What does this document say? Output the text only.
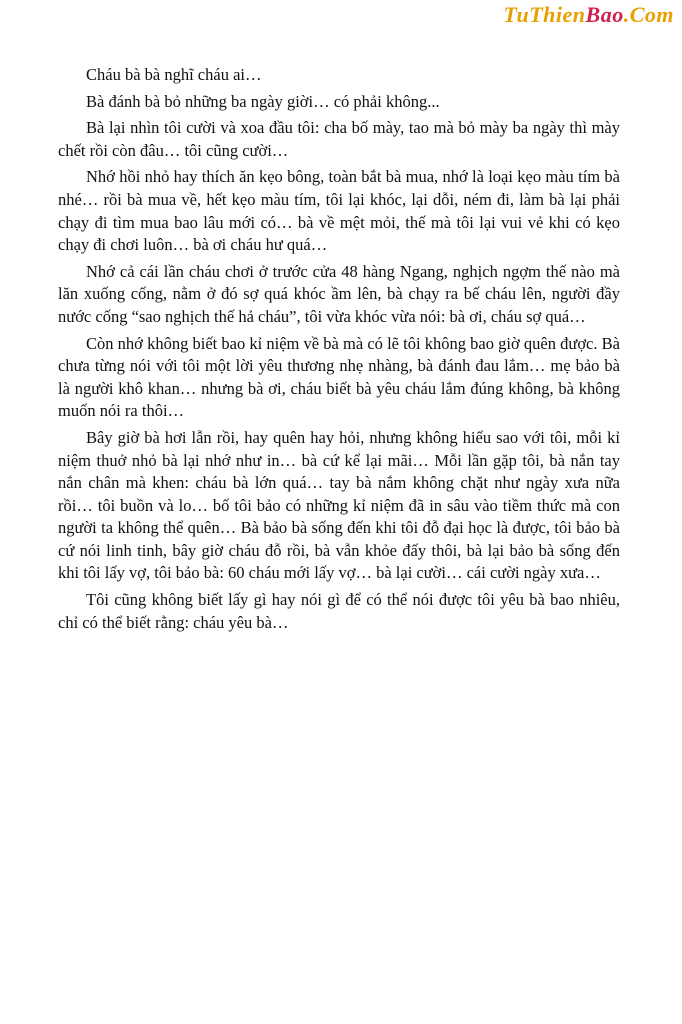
TuThienBao.Com

Cháu bà bà nghĩ cháu ai…

Bà đánh bà bỏ những ba ngày giời… có phải không...

Bà lại nhìn tôi cười và xoa đầu tôi: cha bố mày, tao mà bỏ mày ba ngày thì mày chết rồi còn đâu… tôi cũng cười…

Nhớ hồi nhỏ hay thích ăn kẹo bông, toàn bắt bà mua, nhớ là loại kẹo màu tím bà nhé… rồi bà mua về, hết kẹo màu tím, tôi lại khóc, lại dỗi, ném đi, làm bà lại phải chạy đi tìm mua bao lâu mới có… bà về mệt mỏi, thế mà tôi lại vui vẻ khi có kẹo chạy đi chơi luôn… bà ơi cháu hư quá…

Nhớ cả cái lần cháu chơi ở trước cửa 48 hàng Ngang, nghịch ngợm thế nào mà lăn xuống cống, nằm ở đó sợ quá khóc ầm lên, bà chạy ra bế cháu lên, người đầy nước cống “sao nghịch thế hả cháu”, tôi vừa khóc vừa nói: bà ơi, cháu sợ quá…

Còn nhớ không biết bao kỉ niệm về bà mà có lẽ tôi không bao giờ quên được. Bà chưa từng nói với tôi một lời yêu thương nhẹ nhàng, bà đánh đau lắm… mẹ bảo bà là người khô khan… nhưng bà ơi, cháu biết bà yêu cháu lắm đúng không, bà không muốn nói ra thôi…

Bây giờ bà hơi lẫn rồi, hay quên hay hỏi, nhưng không hiểu sao với tôi, mỗi kỉ niệm thuở nhỏ bà lại nhớ như in… bà cứ kể lại mãi… Mỗi lần gặp tôi, bà nắn tay nắn chân mà khen: cháu bà lớn quá… tay bà nắm không chặt như ngày xưa nữa rồi… tôi buồn và lo… bố tôi bảo có những kỉ niệm đã in sâu vào tiềm thức mà con người ta không thể quên… Bà bảo bà sống đến khi tôi đỗ đại học là được, tôi bảo bà cứ nói linh tinh, bây giờ cháu đỗ rồi, bà vẫn khỏe đấy thôi, bà lại bảo bà sống đến khi tôi lấy vợ, tôi bảo bà: 60 cháu mới lấy vợ… bà lại cười… cái cười ngày xưa…

Tôi cũng không biết lấy gì hay nói gì để có thể nói được tôi yêu bà bao nhiêu, chỉ có thể biết rằng: cháu yêu bà…
